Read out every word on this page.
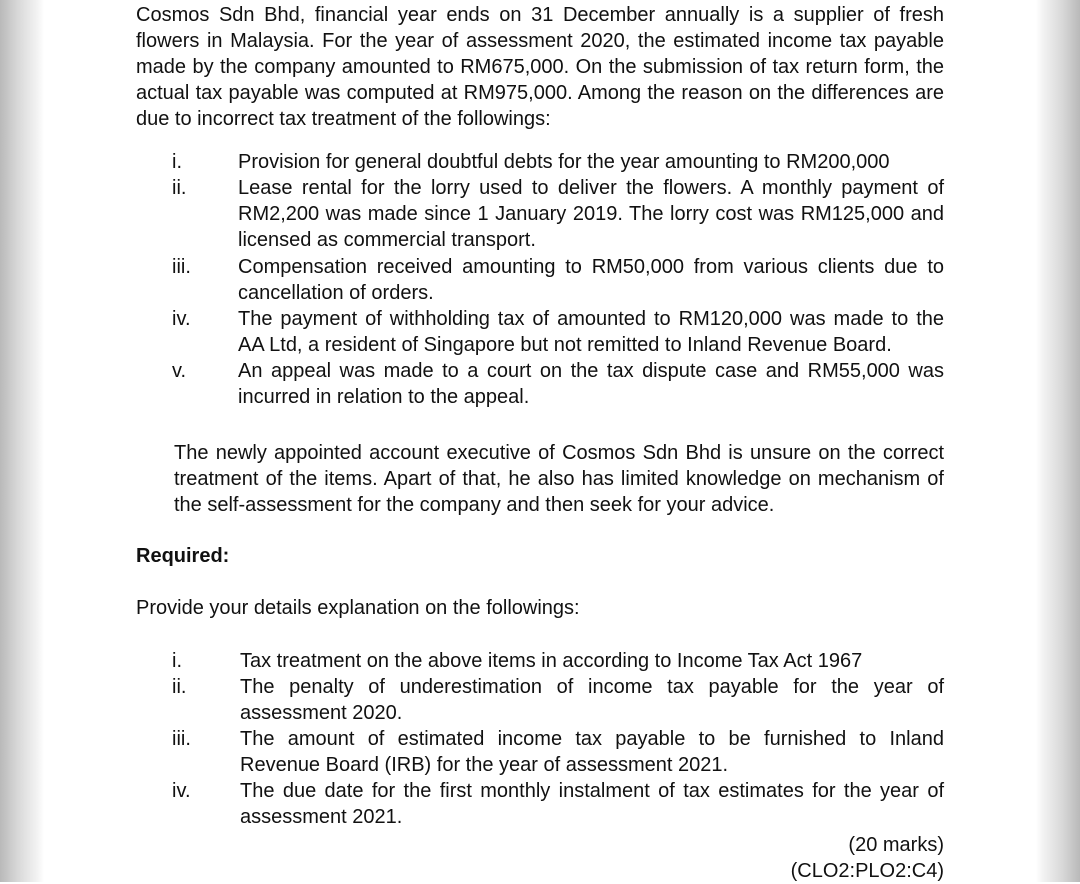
Cosmos Sdn Bhd, financial year ends on 31 December annually is a supplier of fresh flowers in Malaysia. For the year of assessment 2020, the estimated income tax payable made by the company amounted to RM675,000. On the submission of tax return form, the actual tax payable was computed at RM975,000. Among the reason on the differences are due to incorrect tax treatment of the followings:

i.	Provision for general doubtful debts for the year amounting to RM200,000
ii.	Lease rental for the lorry used to deliver the flowers. A monthly payment of RM2,200 was made since 1 January 2019. The lorry cost was RM125,000 and licensed as commercial transport.
iii.	Compensation received amounting to RM50,000 from various clients due to cancellation of orders.
iv.	The payment of withholding tax of amounted to RM120,000 was made to the AA Ltd, a resident of Singapore but not remitted to Inland Revenue Board.
v.	An appeal was made to a court on the tax dispute case and RM55,000 was incurred in relation to the appeal.

The newly appointed account executive of Cosmos Sdn Bhd is unsure on the correct treatment of the items. Apart of that, he also has limited knowledge on mechanism of the self-assessment for the company and then seek for your advice.

Required:

Provide your details explanation on the followings:

i.	Tax treatment on the above items in according to Income Tax Act 1967
ii.	The penalty of underestimation of income tax payable for the year of assessment 2020.
iii.	The amount of estimated income tax payable to be furnished to Inland Revenue Board (IRB) for the year of assessment 2021.
iv.	The due date for the first monthly instalment of tax estimates for the year of assessment 2021.

(20 marks)

(CLO2:PLO2:C4)
